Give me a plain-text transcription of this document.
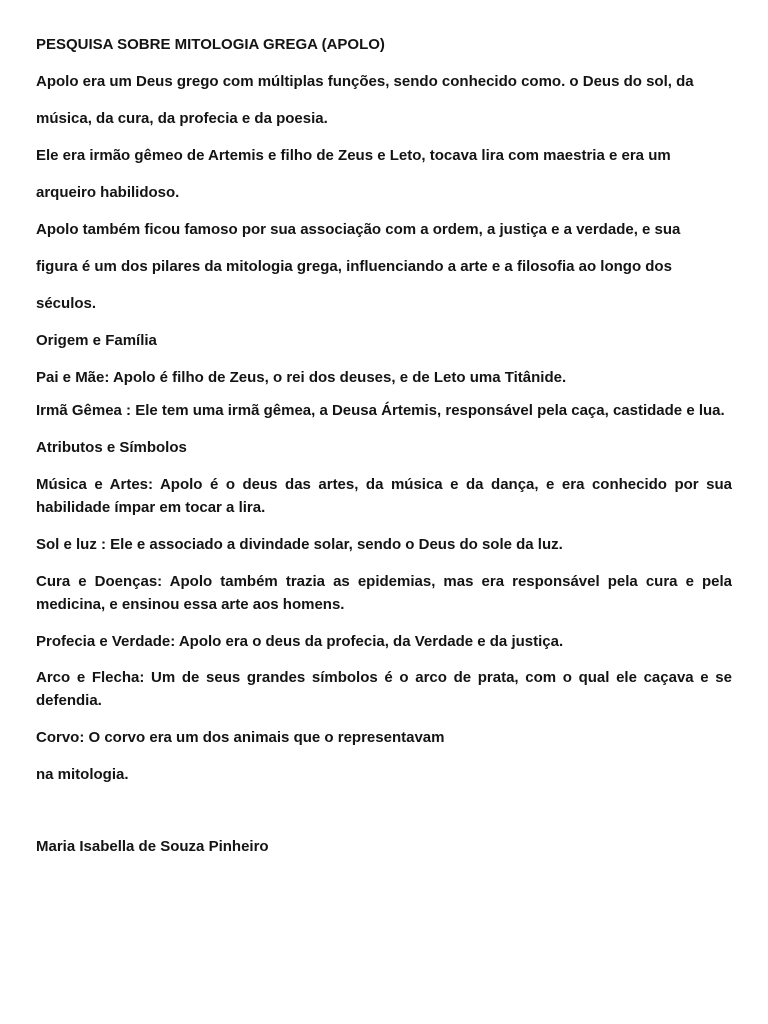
PESQUISA SOBRE MITOLOGIA GREGA (APOLO)

Apolo era um Deus grego com múltiplas funções, sendo conhecido como. o Deus do sol, da

música, da cura, da profecia e da poesia.

Ele era irmão gêmeo de Artemis e filho de Zeus e Leto, tocava lira com maestria e era um

arqueiro habilidoso.

Apolo também ficou famoso por sua associação com a ordem, a justiça e a verdade, e sua

figura é um dos pilares da mitologia grega, influenciando a arte e a filosofia ao longo dos

séculos.

Origem e Família

Pai e Mãe: Apolo é filho de Zeus, o rei dos deuses, e de Leto uma Titânide.

Irmã Gêmea : Ele tem uma irmã gêmea, a Deusa Ártemis, responsável pela caça, castidade e lua.

Atributos e Símbolos

Música e Artes: Apolo é o deus das artes, da música e da dança, e era conhecido por sua habilidade ímpar em tocar a lira.

Sol e luz : Ele e associado a divindade solar, sendo o Deus do sole da luz.

Cura e Doenças: Apolo também trazia as epidemias, mas era responsável pela cura e pela medicina, e ensinou essa arte aos homens.

Profecia e Verdade: Apolo era o deus da profecia, da Verdade e da justiça.

Arco e Flecha: Um de seus grandes símbolos é o arco de prata, com o qual ele caçava e se defendia.

Corvo: O corvo era um dos animais que o representavam

na mitologia.

Maria Isabella de Souza Pinheiro
